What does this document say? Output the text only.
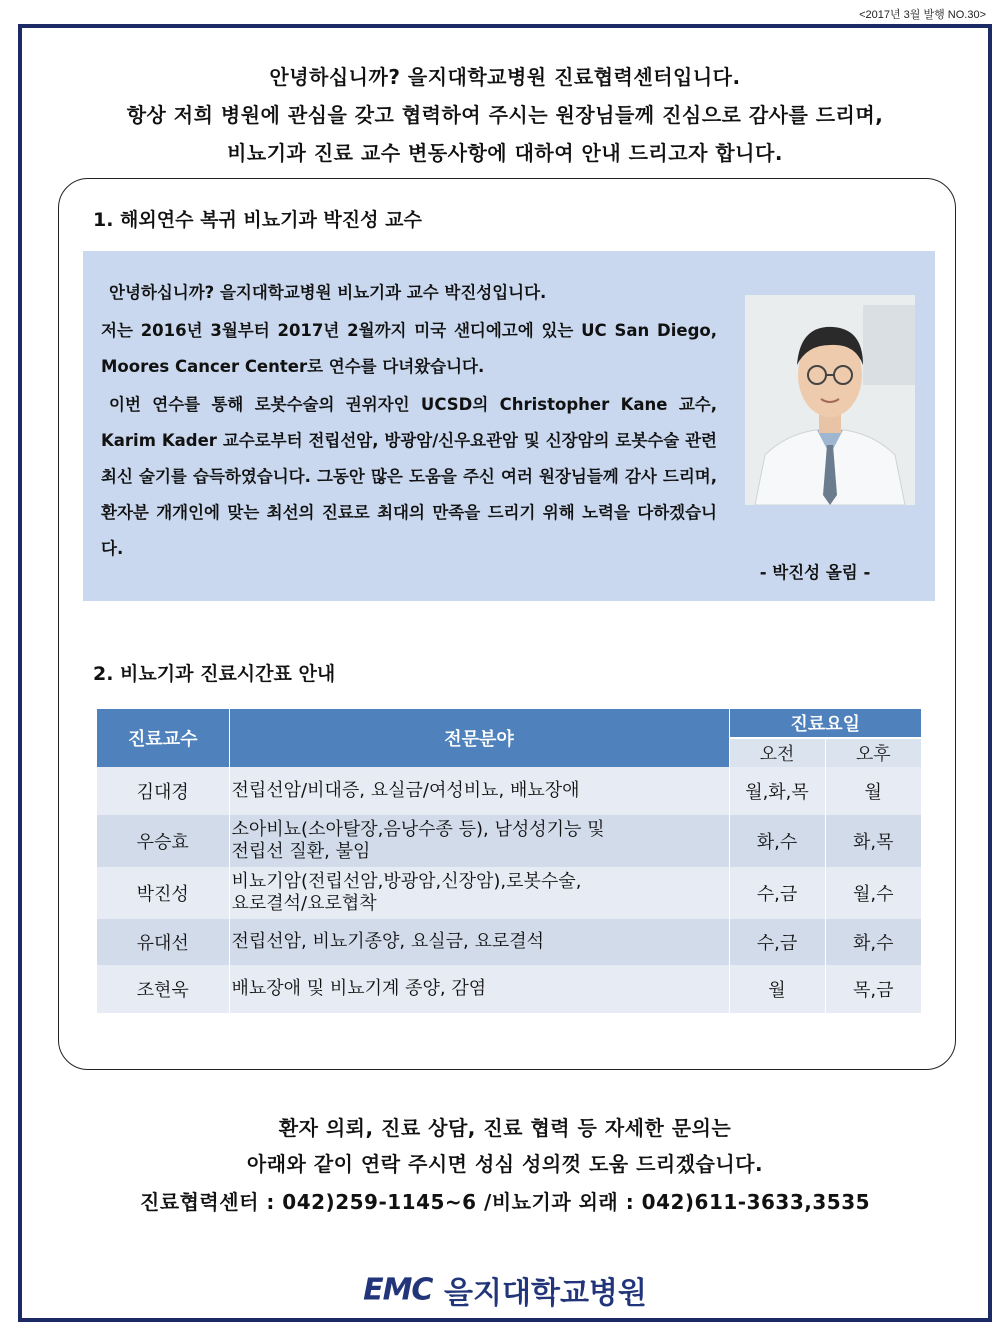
<2017년 3월 발행 NO.30>
안녕하십니까? 을지대학교병원 진료협력센터입니다.
항상 저희 병원에 관심을 갖고 협력하여 주시는 원장님들께 진심으로 감사를 드리며,
비뇨기과 진료 교수 변동사항에 대하여 안내 드리고자 합니다.
1. 해외연수 복귀 비뇨기과 박진성 교수

안녕하십니까? 을지대학교병원 비뇨기과 교수 박진성입니다.

저는 2016년 3월부터 2017년 2월까지 미국 샌디에고에 있는 UC San Diego, Moores Cancer Center로 연수를 다녀왔습니다.

이번 연수를 통해 로봇수술의 권위자인 UCSD의 Christopher Kane 교수, Karim Kader 교수로부터 전립선암, 방광암/신우요관암 및 신장암의 로봇수술 관련 최신 술기를 습득하였습니다. 그동안 많은 도움을 주신 여러 원장님들께 감사 드리며, 환자분 개개인에 맞는 최선의 진료로 최대의 만족을 드리기 위해 노력을 다하겠습니다.

- 박진성 올림 -
2. 비뇨기과 진료시간표 안내
진료교수	전문분야	진료요일	
		오전	오후
김대경	전립선암/비대증, 요실금/여성비뇨, 배뇨장애	월,화,목	월
우승효	소아비뇨(소아탈장,음낭수종 등), 남성성기능 및
전립선 질환, 불임	화,수	화,목
박진성	비뇨기암(전립선암,방광암,신장암),로봇수술,
요로결석/요로협착	수,금	월,수
유대선	전립선암, 비뇨기종양, 요실금, 요로결석	수,금	화,수
조현욱	배뇨장애 및 비뇨기계 종양, 감염	월	목,금
환자 의뢰, 진료 상담, 진료 협력 등 자세한 문의는
아래와 같이 연락 주시면 성심 성의껏 도움 드리겠습니다.
진료협력센터 : 042)259-1145~6 /비뇨기과 외래 : 042)611-3633,3535
EMC 을지대학교병원
